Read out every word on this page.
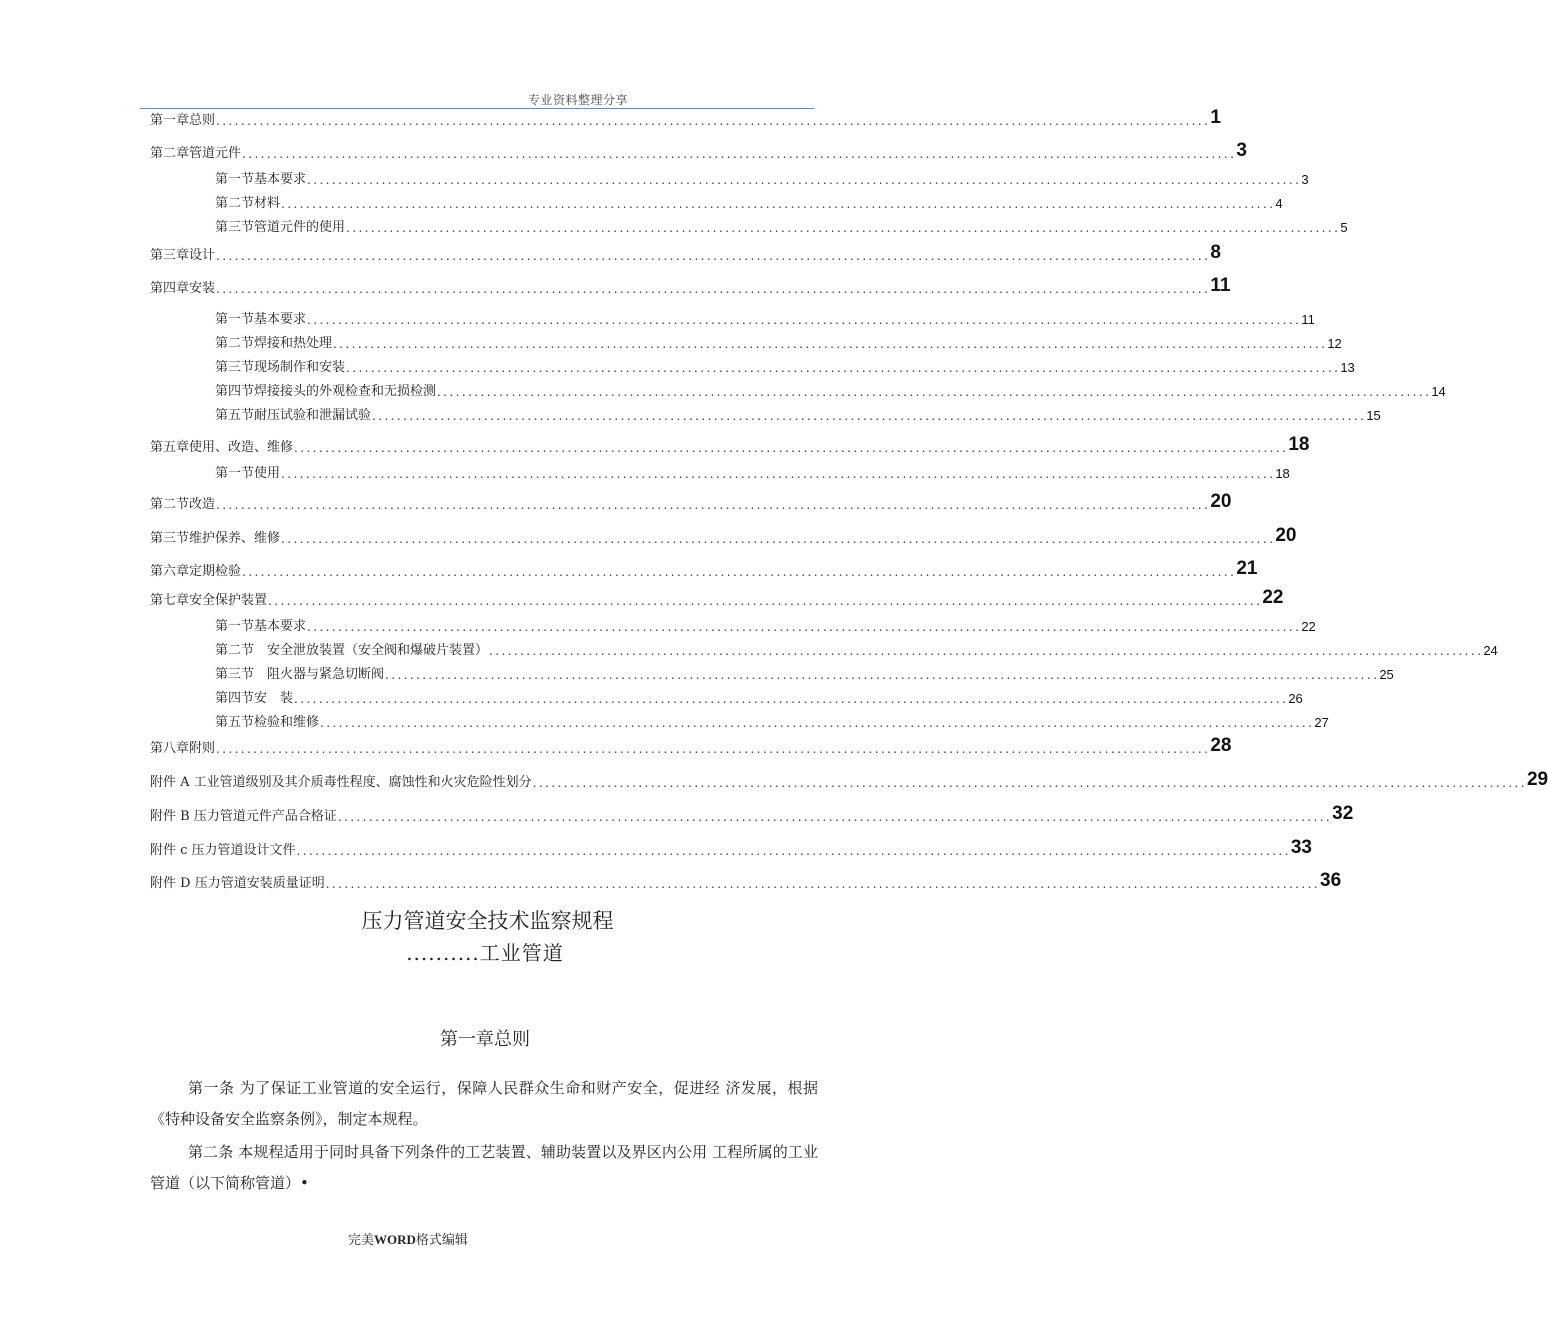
专业资料整理分享
第一章总则 ................................................................................................................................................................ 1
第二章管道元件 ................................................................................................................................................................ 3
第一节基本要求 ................................................................................................................................................................ 3
第二节材料 ................................................................................................................................................................ 4
第三节管道元件的使用 ................................................................................................................................................................ 5
第三章设计 ................................................................................................................................................................ 8
第四章安装 ................................................................................................................................................................ 11
第一节基本要求 ................................................................................................................................................................ 11
第二节焊接和热处理 ................................................................................................................................................................ 12
第三节现场制作和安装 ................................................................................................................................................................ 13
第四节焊接接头的外观检查和无损检测 ................................................................................................................................................................ 14
第五节耐压试验和泄漏试验 ................................................................................................................................................................ 15
第五章使用、改造、维修 ................................................................................................................................................................ 18
第一节使用 ................................................................................................................................................................ 18
第二节改造 ................................................................................................................................................................ 20
第三节维护保养、维修 ................................................................................................................................................................ 20
第六章定期检验 ................................................................................................................................................................ 21
第七章安全保护装置 ................................................................................................................................................................ 22
第一节基本要求 ................................................................................................................................................................ 22
第二节　安全泄放装置（安全阀和爆破片装置） ................................................................................................................................................................ 24
第三节　阻火器与紧急切断阀 ................................................................................................................................................................ 25
第四节安　装 ................................................................................................................................................................ 26
第五节检验和维修 ................................................................................................................................................................ 27
第八章附则 ................................................................................................................................................................ 28
附件 A 工业管道级别及其介质毒性程度、腐蚀性和火灾危险性划分 ................................................................................................................................................................ 29
附件 B 压力管道元件产品合格证 ................................................................................................................................................................ 32
附件 c 压力管道设计文件 ................................................................................................................................................................ 33
附件 D 压力管道安装质量证明 ................................................................................................................................................................ 36
压力管道安全技术监察规程
..........工业管道
第一章总则
第一条 为了保证工业管道的安全运行，保障人民群众生命和财产安全，促进经 济发展，根据《特种设备安全监察条例》，制定本规程。
第二条 本规程适用于同时具备下列条件的工艺装置、辅助装置以及界区内公用 工程所属的工业管道（以下简称管道）•
完美WORD格式编辑
